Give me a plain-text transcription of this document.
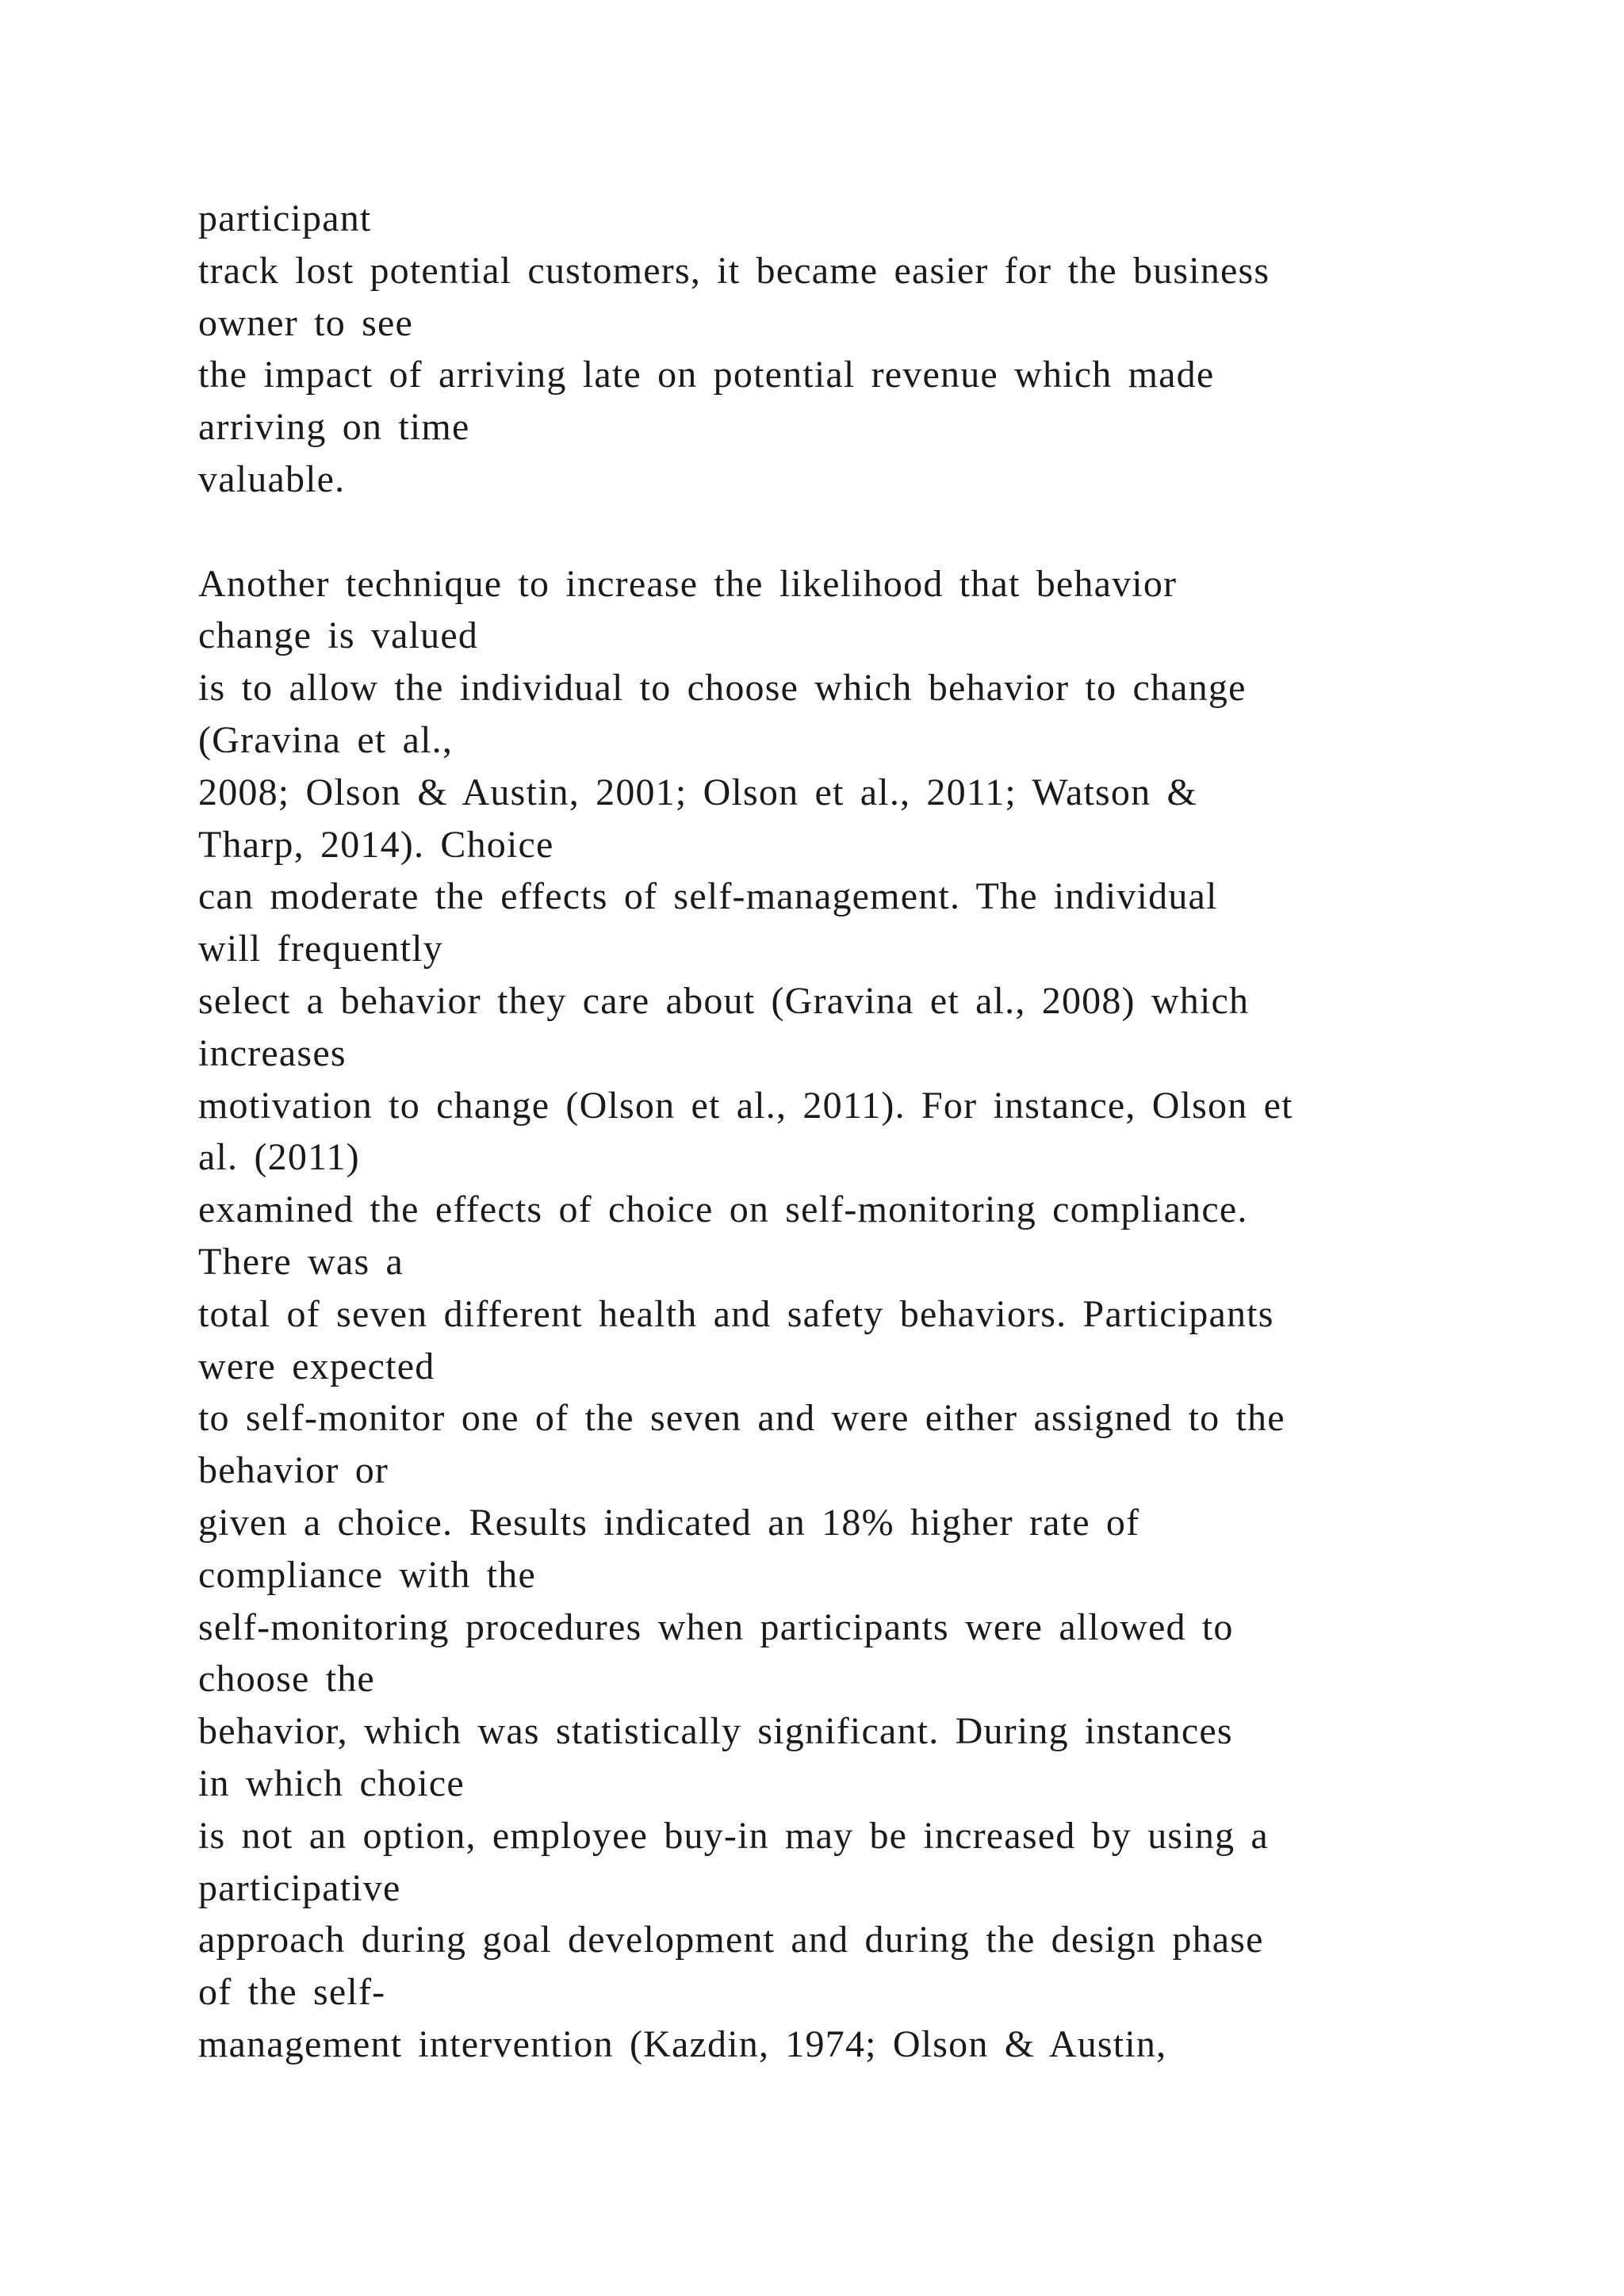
participant
track lost potential customers, it became easier for the business
owner to see
the impact of arriving late on potential revenue which made
arriving on time
valuable.
Another technique to increase the likelihood that behavior
change is valued
is to allow the individual to choose which behavior to change
(Gravina et al.,
2008; Olson & Austin, 2001; Olson et al., 2011; Watson &
Tharp, 2014). Choice
can moderate the effects of self-management. The individual
will frequently
select a behavior they care about (Gravina et al., 2008) which
increases
motivation to change (Olson et al., 2011). For instance, Olson et
al. (2011)
examined the effects of choice on self-monitoring compliance.
There was a
total of seven different health and safety behaviors. Participants
were expected
to self-monitor one of the seven and were either assigned to the
behavior or
given a choice. Results indicated an 18% higher rate of
compliance with the
self-monitoring procedures when participants were allowed to
choose the
behavior, which was statistically significant. During instances
in which choice
is not an option, employee buy-in may be increased by using a
participative
approach during goal development and during the design phase
of the self-
management intervention (Kazdin, 1974; Olson & Austin,
